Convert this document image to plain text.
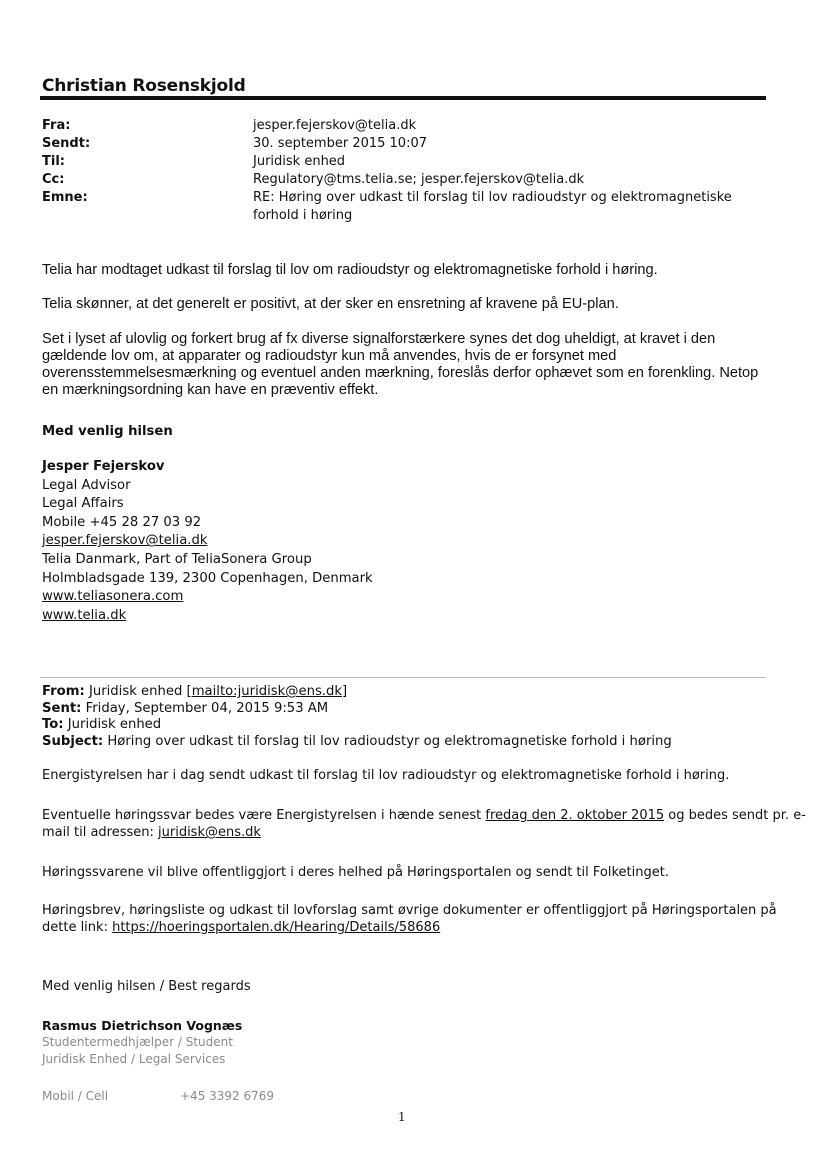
Christian Rosenskjold
Fra:
Sendt:
Til:
Cc:
Emne:
jesper.fejerskov@telia.dk
30. september 2015 10:07
Juridisk enhed
Regulatory@tms.telia.se; jesper.fejerskov@telia.dk
RE: Høring over udkast til forslag til lov radioudstyr og elektromagnetiske forhold i høring
Telia har modtaget udkast til forslag til lov om radioudstyr og elektromagnetiske forhold i høring.
Telia skønner, at det generelt er positivt, at der sker en ensretning af kravene på EU-plan.
Set i lyset af ulovlig og forkert brug af fx diverse signalforstærkere synes det dog uheldigt, at kravet i den gældende lov om, at apparater og radioudstyr kun må anvendes, hvis de er forsynet med overensstemmelsesmærkning og eventuel anden mærkning, foreslås derfor ophævet som en forenkling. Netop en mærkningsordning kan have en præventiv effekt.
Med venlig hilsen
Jesper Fejerskov
Legal Advisor
Legal Affairs
Mobile +45 28 27 03 92
jesper.fejerskov@telia.dk
Telia Danmark, Part of TeliaSonera Group
Holmbladsgade 139, 2300 Copenhagen, Denmark
www.teliasonera.com
www.telia.dk
From: Juridisk enhed [mailto:juridisk@ens.dk]
Sent: Friday, September 04, 2015 9:53 AM
To: Juridisk enhed
Subject: Høring over udkast til forslag til lov radioudstyr og elektromagnetiske forhold i høring
Energistyrelsen har i dag sendt udkast til forslag til lov radioudstyr og elektromagnetiske forhold i høring.
Eventuelle høringssvar bedes være Energistyrelsen i hænde senest fredag den 2. oktober 2015 og bedes sendt pr. e-
mail til adressen: juridisk@ens.dk
Høringssvarene vil blive offentliggjort i deres helhed på Høringsportalen og sendt til Folketinget.
Høringsbrev, høringsliste og udkast til lovforslag samt øvrige dokumenter er offentliggjort på Høringsportalen på
dette link: https://hoeringsportalen.dk/Hearing/Details/58686
Med venlig hilsen / Best regards
Rasmus Dietrichson Vognæs
Studentermedhjælper / Student
Juridisk Enhed / Legal Services
Mobil / Cell	+45 3392 6769
1
